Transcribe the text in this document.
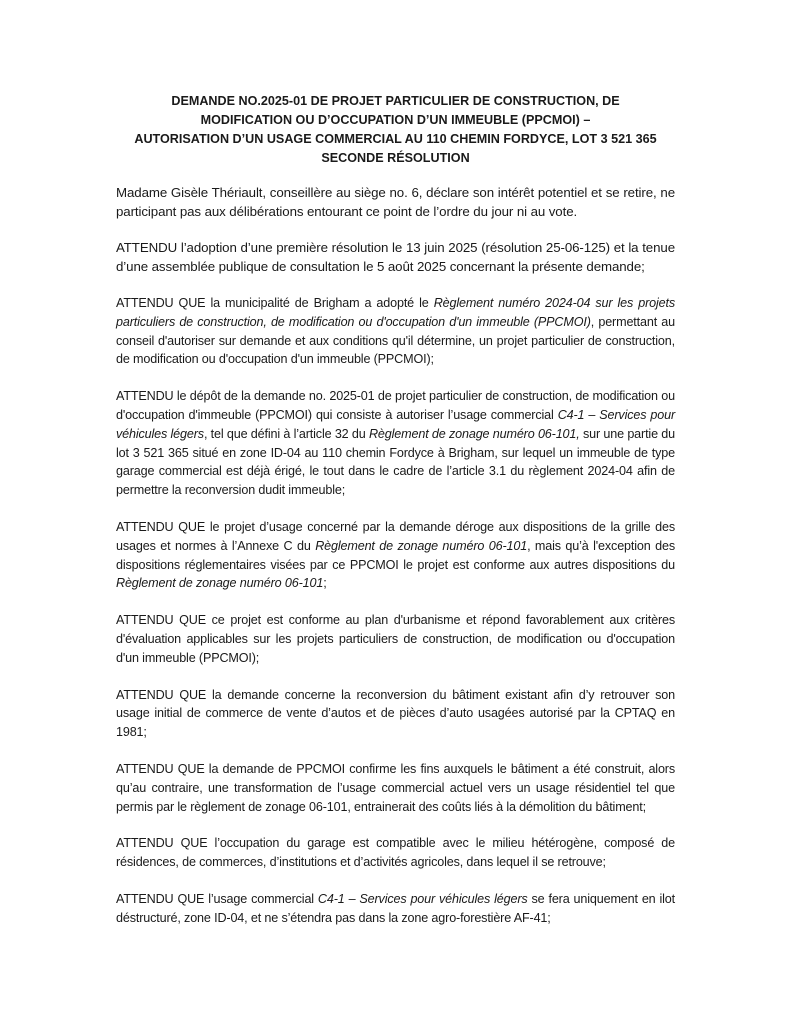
DEMANDE NO.2025-01 DE PROJET PARTICULIER DE CONSTRUCTION, DE
MODIFICATION OU D’OCCUPATION D’UN IMMEUBLE (PPCMOI) –
AUTORISATION D’UN USAGE COMMERCIAL AU 110 CHEMIN FORDYCE, LOT 3 521 365
SECONDE RÉSOLUTION

Madame Gisèle Thériault, conseillère au siège no. 6, déclare son intérêt potentiel et se retire, ne participant pas aux délibérations entourant ce point de l’ordre du jour ni au vote.

ATTENDU l’adoption d’une première résolution le 13 juin 2025 (résolution 25-06-125) et la tenue d’une assemblée publique de consultation le 5 août 2025 concernant la présente demande;

ATTENDU QUE la municipalité de Brigham a adopté le Règlement numéro 2024-04 sur les projets particuliers de construction, de modification ou d'occupation d'un immeuble (PPCMOI), permettant au conseil d'autoriser sur demande et aux conditions qu'il détermine, un projet particulier de construction, de modification ou d'occupation d'un immeuble (PPCMOI);

ATTENDU le dépôt de la demande no. 2025-01 de projet particulier de construction, de modification ou d'occupation d'immeuble (PPCMOI) qui consiste à autoriser l’usage commercial C4-1 – Services pour véhicules légers, tel que défini à l’article 32 du Règlement de zonage numéro 06-101, sur une partie du lot 3 521 365 situé en zone ID-04 au 110 chemin Fordyce à Brigham, sur lequel un immeuble de type garage commercial est déjà érigé, le tout dans le cadre de l’article 3.1 du règlement 2024-04 afin de permettre la reconversion dudit immeuble;

ATTENDU QUE le projet d’usage concerné par la demande déroge aux dispositions de la grille des usages et normes à l’Annexe C du Règlement de zonage numéro 06-101, mais qu’à l'exception des dispositions réglementaires visées par ce PPCMOI le projet est conforme aux autres dispositions du Règlement de zonage numéro 06-101;

ATTENDU QUE ce projet est conforme au plan d'urbanisme et répond favorablement aux critères d'évaluation applicables sur les projets particuliers de construction, de modification ou d'occupation d'un immeuble (PPCMOI);

ATTENDU QUE la demande concerne la reconversion du bâtiment existant afin d’y retrouver son usage initial de commerce de vente d’autos et de pièces d’auto usagées autorisé par la CPTAQ en 1981;

ATTENDU QUE la demande de PPCMOI confirme les fins auxquels le bâtiment a été construit, alors qu’au contraire, une transformation de l’usage commercial actuel vers un usage résidentiel tel que permis par le règlement de zonage 06-101, entrainerait des coûts liés à la démolition du bâtiment;

ATTENDU QUE l’occupation du garage est compatible avec le milieu hétérogène, composé de résidences, de commerces, d’institutions et d’activités agricoles, dans lequel il se retrouve;

ATTENDU QUE l’usage commercial C4-1 – Services pour véhicules légers se fera uniquement en ilot déstructuré, zone ID-04, et ne s’étendra pas dans la zone agro-forestière AF-41;
